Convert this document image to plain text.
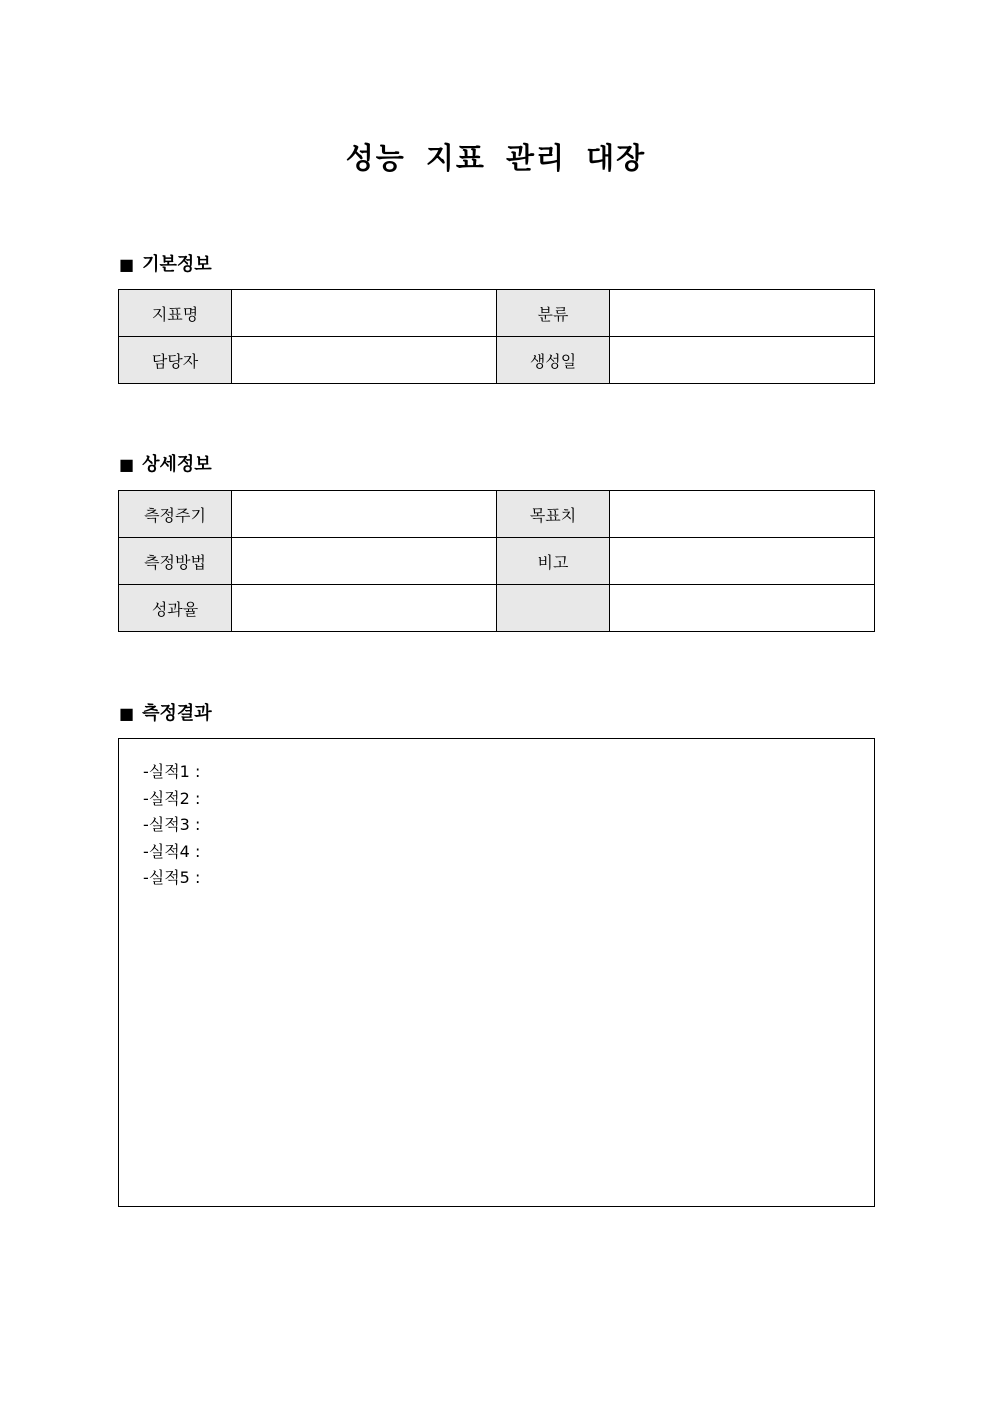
성능 지표 관리 대장
■ 기본정보
지표명		분류	
담당자		생성일	
■ 상세정보
측정주기		목표치	
측정방법		비고	
성과율			
■ 측정결과
-실적1 :
-실적2 :
-실적3 :
-실적4 :
-실적5 :
